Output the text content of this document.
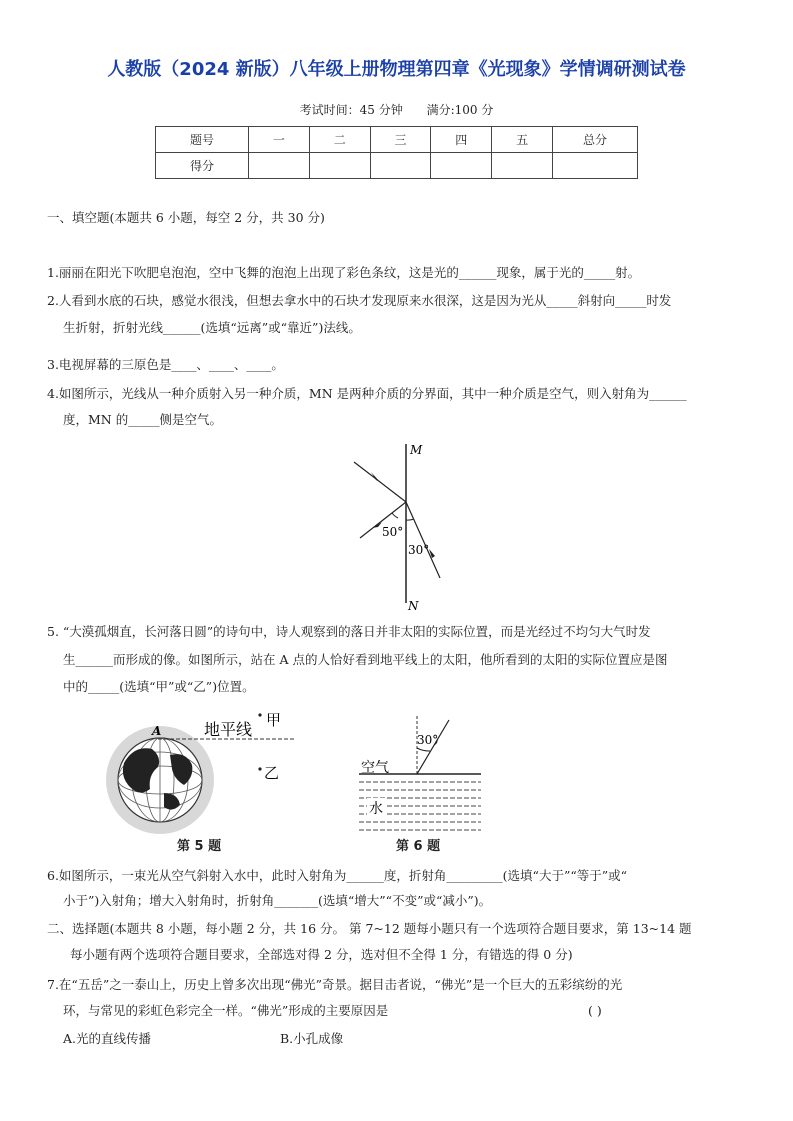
人教版（2024 新版）八年级上册物理第四章《光现象》学情调研测试卷
考试时间：45 分钟 满分:100 分
题号	一	二	三	四	五	总分
得分						
一、填空题(本题共 6 小题，每空 2 分，共 30 分)
1.丽丽在阳光下吹肥皂泡泡，空中飞舞的泡泡上出现了彩色条纹，这是光的______现象，属于光的_____射。
2.人看到水底的石块，感觉水很浅，但想去拿水中的石块才发现原来水很深，这是因为光从_____斜射向_____时发
生折射，折射光线______(选填“远离”或“靠近”)法线。
3.电视屏幕的三原色是____、____、____。
4.如图所示，光线从一种介质射入另一种介质，MN 是两种介质的分界面，其中一种介质是空气，则入射角为______
度，MN 的_____侧是空气。
M
N
50°
30°
5. “大漠孤烟直，长河落日圆”的诗句中，诗人观察到的落日并非太阳的实际位置，而是光经过不均匀大气时发
生______而形成的像。如图所示，站在 A 点的人恰好看到地平线上的太阳，他所看到的太阳的实际位置应是图
中的_____(选填“甲”或“乙”)位置。
地平线
A
甲
乙
第 5 题
30°
空气
水
第 6 题
6.如图所示，一束光从空气斜射入水中，此时入射角为______度，折射角_________(选填“大于”“等于”或“
小于”)入射角；增大入射角时，折射角_______(选填“增大”“不变”或“减小”)。
二、选择题(本题共 8 小题，每小题 2 分，共 16 分。 第 7~12 题每小题只有一个选项符合题目要求，第 13~14 题
每小题有两个选项符合题目要求，全部选对得 2 分，选对但不全得 1 分，有错选的得 0 分)
7.在“五岳”之一泰山上，历史上曾多次出现“佛光”奇景。据目击者说，“佛光”是一个巨大的五彩缤纷的光
环，与常见的彩虹色彩完全一样。“佛光”形成的主要原因是	( )
A.光的直线传播	B.小孔成像
